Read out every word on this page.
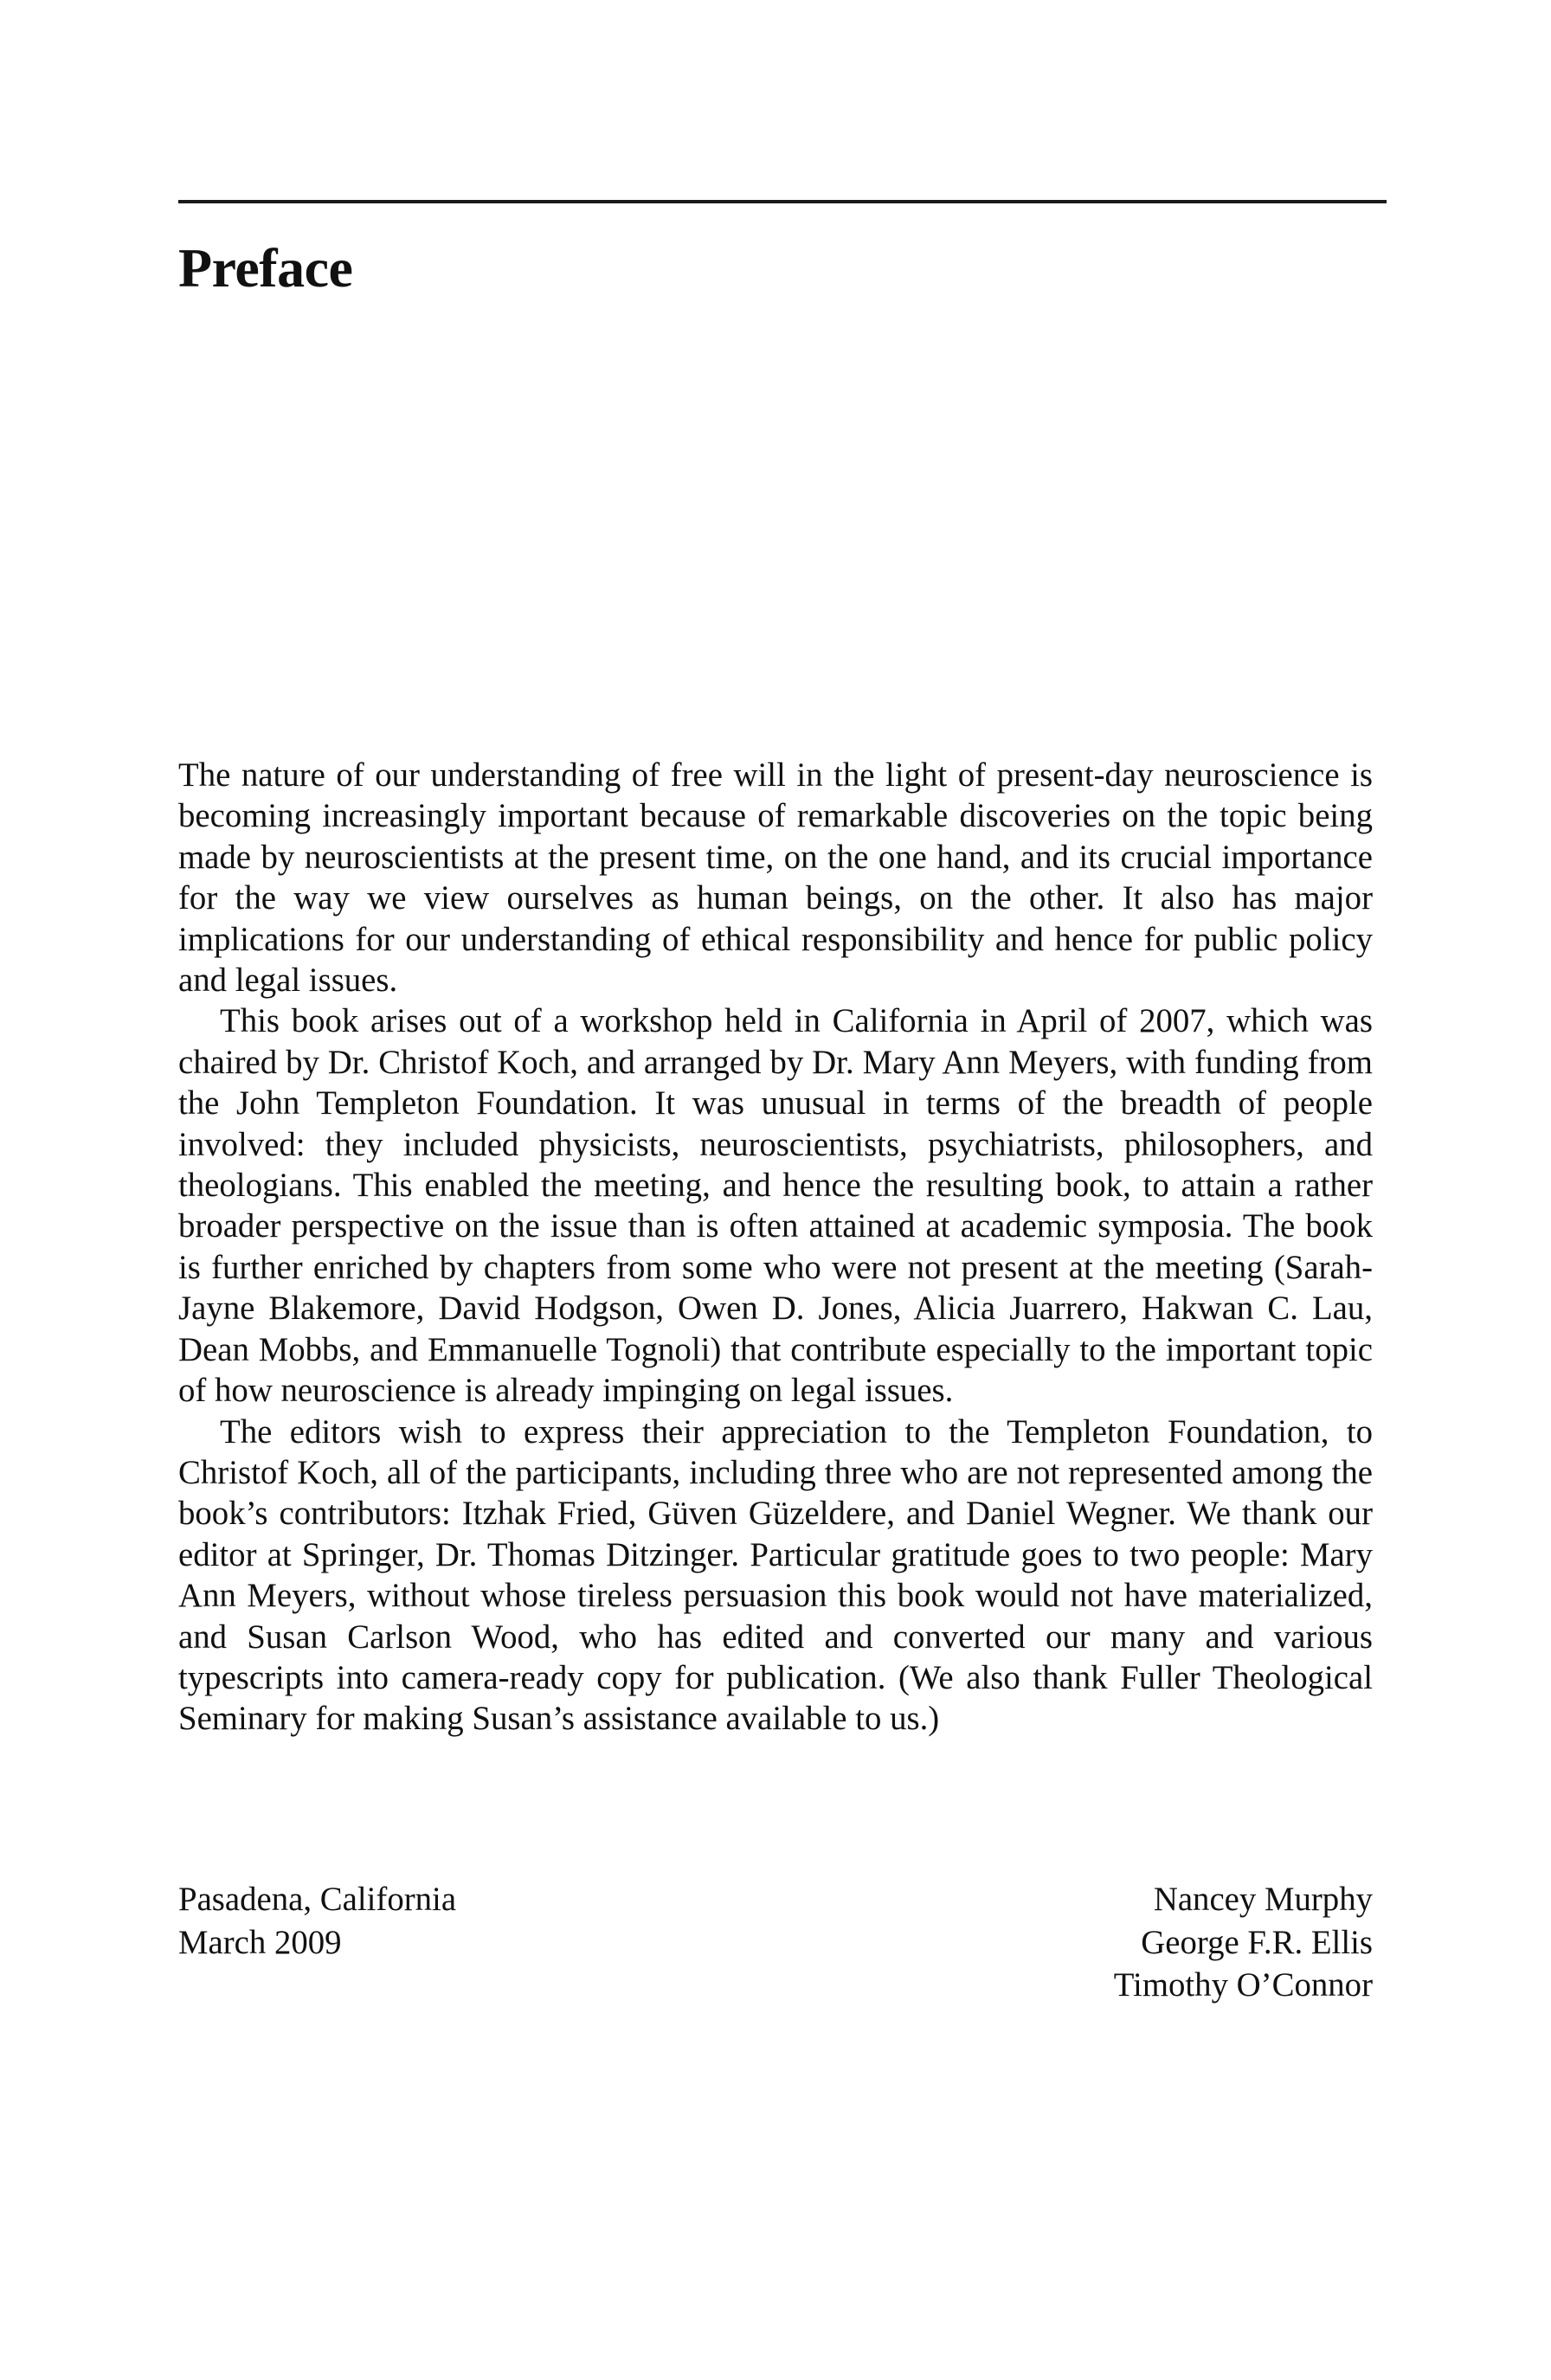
Preface

The nature of our understanding of free will in the light of present-day neuroscience is becoming increasingly important because of remarkable discoveries on the topic being made by neuroscientists at the present time, on the one hand, and its crucial importance for the way we view ourselves as human beings, on the other. It also has major implications for our understanding of ethical responsibility and hence for public policy and legal issues.

This book arises out of a workshop held in California in April of 2007, which was chaired by Dr. Christof Koch, and arranged by Dr. Mary Ann Meyers, with funding from the John Templeton Foundation. It was unusual in terms of the breadth of people involved: they included physicists, neuroscientists, psychiatrists, philosophers, and theologians. This enabled the meeting, and hence the resulting book, to attain a rather broader perspective on the issue than is often attained at academic symposia. The book is further enriched by chapters from some who were not present at the meeting (Sarah-Jayne Blakemore, David Hodgson, Owen D. Jones, Alicia Juarrero, Hakwan C. Lau, Dean Mobbs, and Emmanuelle Tognoli) that contribute especially to the important topic of how neuroscience is already impinging on legal issues.

The editors wish to express their appreciation to the Templeton Foundation, to Christof Koch, all of the participants, including three who are not represented among the book’s contributors: Itzhak Fried, Güven Güzeldere, and Daniel Wegner. We thank our editor at Springer, Dr. Thomas Ditzinger. Particular gratitude goes to two people: Mary Ann Meyers, without whose tireless persuasion this book would not have materialized, and Susan Carlson Wood, who has edited and converted our many and various typescripts into camera-ready copy for publication. (We also thank Fuller Theological Seminary for making Susan’s assistance available to us.)

Pasadena, California
March 2009
Nancey Murphy
George F.R. Ellis
Timothy O’Connor
